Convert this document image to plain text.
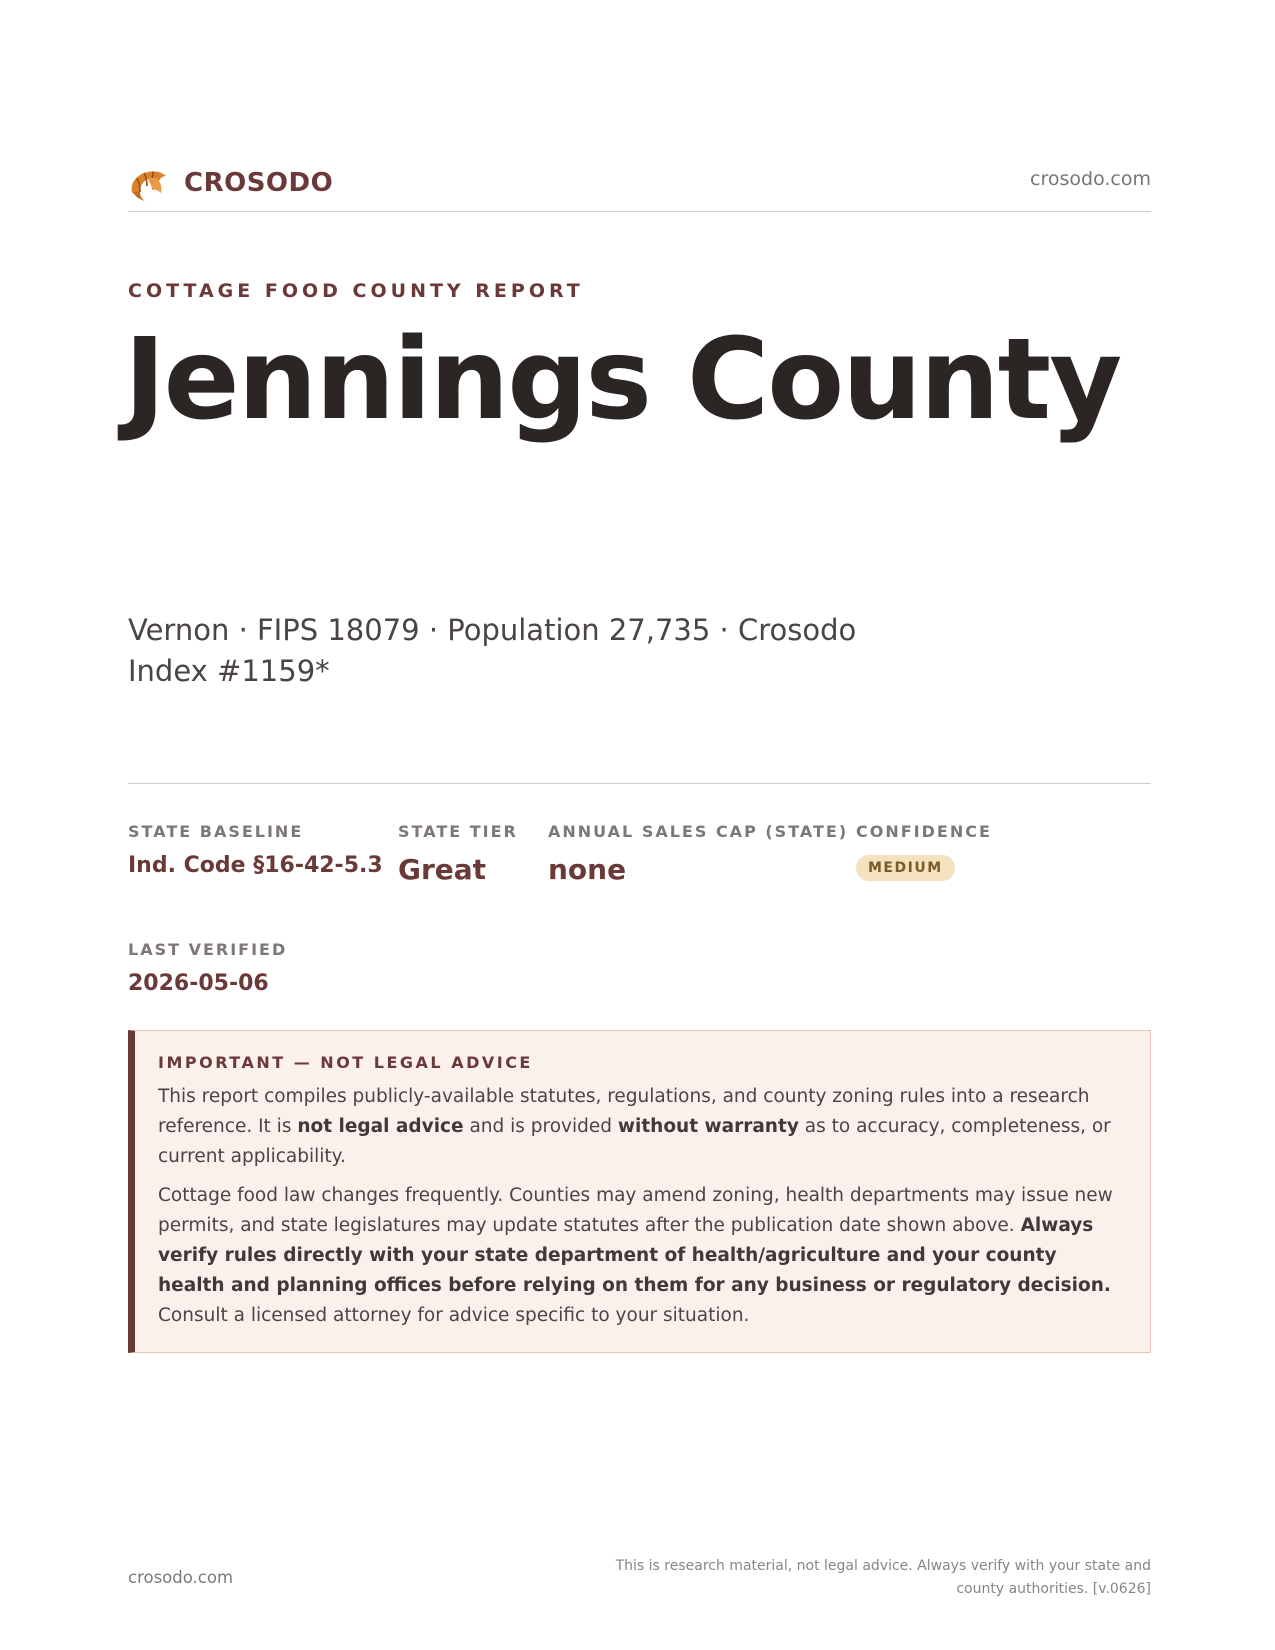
CROSODO	crosodo.com
COTTAGE FOOD COUNTY REPORT
Jennings County
Vernon · FIPS 18079 · Population 27,735 · Crosodo Index #1159*
STATE BASELINE
Ind. Code §16-42-5.3
STATE TIER
Great
ANNUAL SALES CAP (STATE)
none
CONFIDENCE
MEDIUM
LAST VERIFIED
2026-05-06
IMPORTANT — NOT LEGAL ADVICE

This report compiles publicly-available statutes, regulations, and county zoning rules into a research reference. It is not legal advice and is provided without warranty as to accuracy, completeness, or current applicability.

Cottage food law changes frequently. Counties may amend zoning, health departments may issue new permits, and state legislatures may update statutes after the publication date shown above. Always verify rules directly with your state department of health/agriculture and your county health and planning offices before relying on them for any business or regulatory decision. Consult a licensed attorney for advice specific to your situation.

crosodo.com
This is research material, not legal advice. Always verify with your state and county authorities. [v.0626]
